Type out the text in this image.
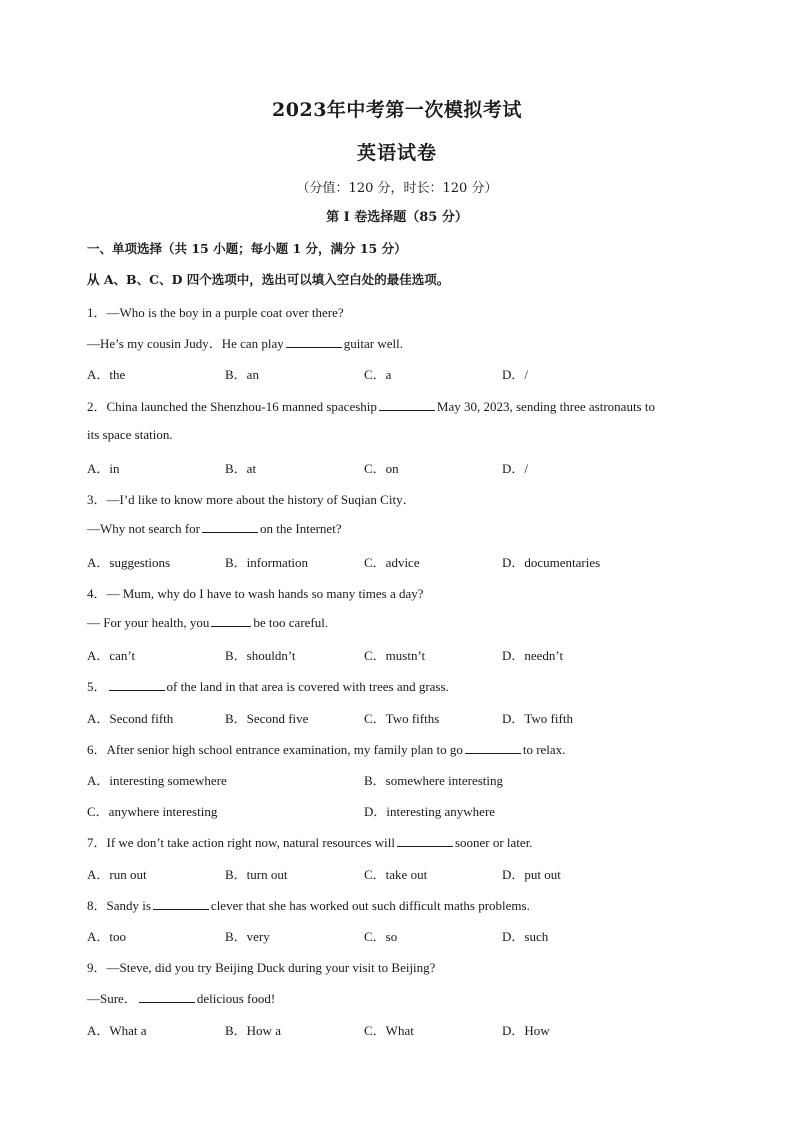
2023年中考第一次模拟考试
英语试卷
（分值：120 分，时长：120 分）
第 I 卷选择题（85 分）
一、单项选择（共 15 小题；每小题 1 分，满分 15 分）
从 A、B、C、D 四个选项中，选出可以填入空白处的最佳选项。
1．—Who is the boy in a purple coat over there?
—He’s my cousin Judy．He can play	guitar well.
A．the	B．an	C．a	D．/
2．China launched the Shenzhou-16 manned spaceship	May 30, 2023, sending three astronauts to
its space station.
A．in	B．at	C．on	D．/
3．—I’d like to know more about the history of Suqian City．
—Why not search for	on the Internet?
A．suggestions	B．information	C．advice	D．documentaries
4．— Mum, why do I have to wash hands so many times a day?
— For your health, you	be too careful.
A．can’t	B．shouldn’t	C．mustn’t	D．needn’t
5．	of the land in that area is covered with trees and grass.
A．Second fifth	B．Second five	C．Two fifths	D．Two fifth
6．After senior high school entrance examination, my family plan to go	to relax.
A．interesting somewhere	B．somewhere interesting
C．anywhere interesting	D．interesting anywhere
7．If we don’t take action right now, natural resources will	sooner or later.
A．run out	B．turn out	C．take out	D．put out
8．Sandy is	clever that she has worked out such difficult maths problems.
A．too	B．very	C．so	D．such
9．—Steve, did you try Beijing Duck during your visit to Beijing?
—Sure．	delicious food!
A．What a	B．How a	C．What	D．How
